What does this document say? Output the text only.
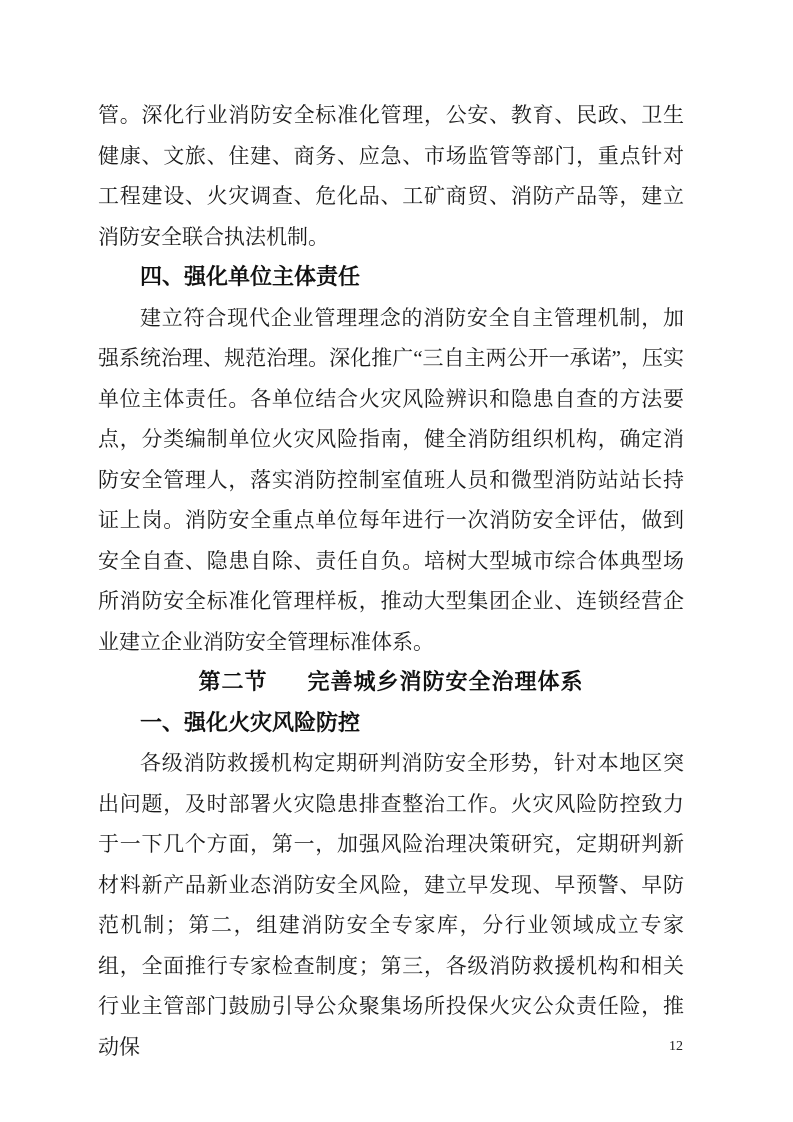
管。深化行业消防安全标准化管理，公安、教育、民政、卫生健康、文旅、住建、商务、应急、市场监管等部门，重点针对工程建设、火灾调查、危化品、工矿商贸、消防产品等，建立消防安全联合执法机制。

四、强化单位主体责任

建立符合现代企业管理理念的消防安全自主管理机制，加强系统治理、规范治理。深化推广“三自主两公开一承诺”，压实单位主体责任。各单位结合火灾风险辨识和隐患自查的方法要点，分类编制单位火灾风险指南，健全消防组织机构，确定消防安全管理人，落实消防控制室值班人员和微型消防站站长持证上岗。消防安全重点单位每年进行一次消防安全评估，做到安全自查、隐患自除、责任自负。培树大型城市综合体典型场所消防安全标准化管理样板，推动大型集团企业、连锁经营企业建立企业消防安全管理标准体系。

第二节 完善城乡消防安全治理体系
一、强化火灾风险防控

各级消防救援机构定期研判消防安全形势，针对本地区突出问题，及时部署火灾隐患排查整治工作。火灾风险防控致力于一下几个方面，第一，加强风险治理决策研究，定期研判新材料新产品新业态消防安全风险，建立早发现、早预警、早防范机制；第二，组建消防安全专家库，分行业领域成立专家组，全面推行专家检查制度；第三，各级消防救援机构和相关行业主管部门鼓励引导公众聚集场所投保火灾公众责任险，推动保	12
